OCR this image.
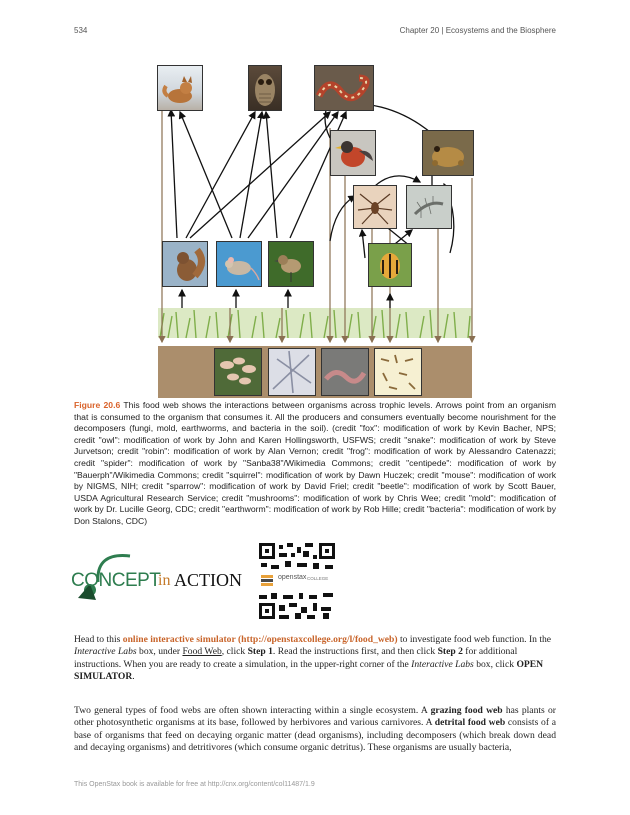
534	Chapter 20 | Ecosystems and the Biosphere
Figure 20.6 This food web shows the interactions between organisms across trophic levels. Arrows point from an organism that is consumed to the organism that consumes it. All the producers and consumers eventually become nourishment for the decomposers (fungi, mold, earthworms, and bacteria in the soil). (credit "fox": modification of work by Kevin Bacher, NPS; credit "owl": modification of work by John and Karen Hollingsworth, USFWS; credit "snake": modification of work by Steve Jurvetson; credit "robin": modification of work by Alan Vernon; credit "frog": modification of work by Alessandro Catenazzi; credit "spider": modification of work by "Sanba38"/Wikimedia Commons; credit "centipede": modification of work by "Bauerph"/Wikimedia Commons; credit "squirrel": modification of work by Dawn Huczek; credit "mouse": modification of work by NIGMS, NIH; credit "sparrow": modification of work by David Friel; credit "beetle": modification of work by Scott Bauer, USDA Agricultural Research Service; credit "mushrooms": modification of work by Chris Wee; credit "mold": modification of work by Dr. Lucille Georg, CDC; credit "earthworm": modification of work by Rob Hille; credit "bacteria": modification of work by Don Stalons, CDC)
CONCEPT
in ACTION	openstax COLLEGE
Head to this online interactive simulator (http://openstaxcollege.org/l/food_web) to investigate food web function. In the Interactive Labs box, under Food Web, click Step 1. Read the instructions first, and then click Step 2 for additional instructions. When you are ready to create a simulation, in the upper-right corner of the Interactive Labs box, click OPEN SIMULATOR.
Two general types of food webs are often shown interacting within a single ecosystem. A grazing food web has plants or other photosynthetic organisms at its base, followed by herbivores and various carnivores. A detrital food web consists of a base of organisms that feed on decaying organic matter (dead organisms), including decomposers (which break down dead and decaying organisms) and detritivores (which consume organic detritus). These organisms are usually bacteria,
This OpenStax book is available for free at http://cnx.org/content/col11487/1.9
